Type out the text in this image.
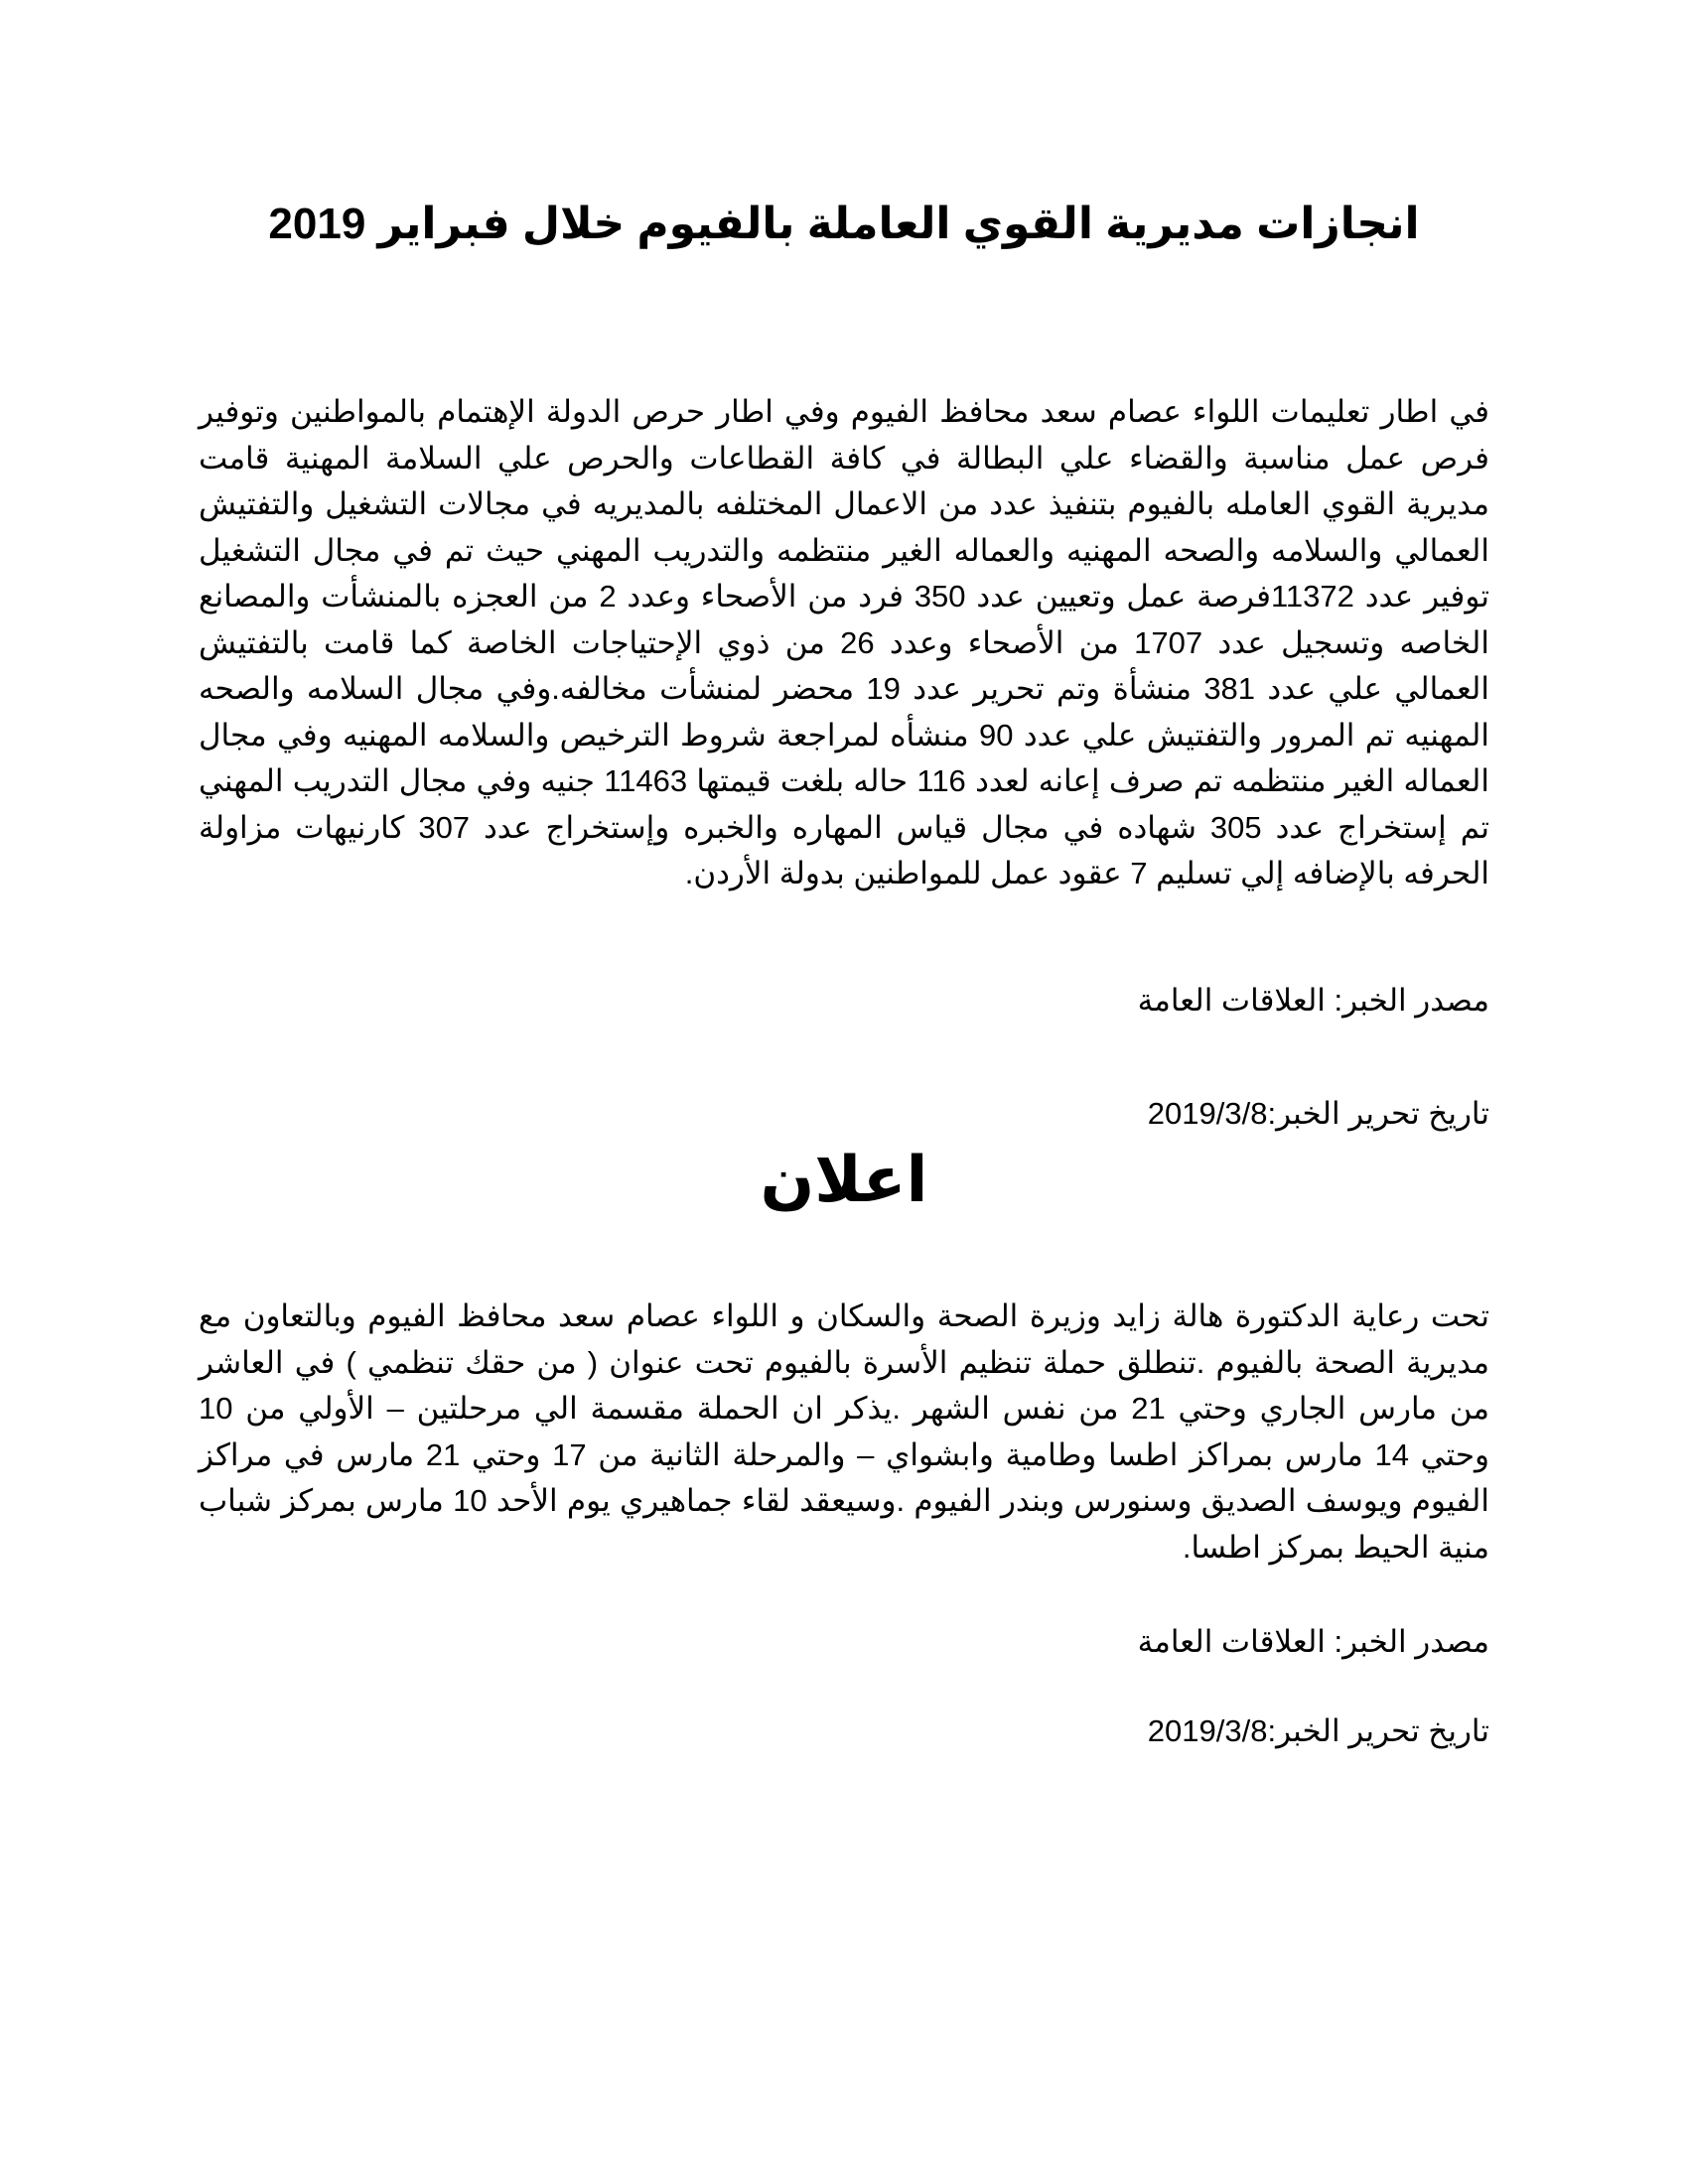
انجازات مديرية القوي العاملة بالفيوم خلال فبراير 2019

في اطار تعليمات اللواء عصام سعد محافظ الفيوم وفي اطار حرص الدولة الإهتمام بالمواطنين وتوفير فرص عمل مناسبة والقضاء علي البطالة في كافة القطاعات والحرص علي السلامة المهنية قامت مديرية القوي العامله بالفيوم بتنفيذ عدد من الاعمال المختلفه بالمديريه في مجالات التشغيل والتفتيش العمالي والسلامه والصحه المهنيه والعماله الغير منتظمه والتدريب المهني حيث تم في مجال التشغيل توفير عدد 11372فرصة عمل وتعيين عدد 350 فرد من الأصحاء وعدد 2 من العجزه بالمنشأت والمصانع الخاصه وتسجيل عدد 1707 من الأصحاء وعدد 26 من ذوي الإحتياجات الخاصة كما قامت بالتفتيش العمالي علي عدد 381 منشأة وتم تحرير عدد 19 محضر لمنشأت مخالفه.وفي مجال السلامه والصحه المهنيه تم المرور والتفتيش علي عدد 90 منشأه لمراجعة شروط الترخيص والسلامه المهنيه وفي مجال العماله الغير منتظمه تم صرف إعانه لعدد 116 حاله بلغت قيمتها 11463 جنيه وفي مجال التدريب المهني تم إستخراج عدد 305 شهاده في مجال قياس المهاره والخبره وإستخراج عدد 307 كارنيهات مزاولة الحرفه بالإضافه إلي تسليم 7 عقود عمل للمواطنين بدولة الأردن.

مصدر الخبر: العلاقات العامة

تاريخ تحرير الخبر:2019/3/8

اعلان

تحت رعاية الدكتورة هالة زايد وزيرة الصحة والسكان و اللواء عصام سعد محافظ الفيوم وبالتعاون مع مديرية الصحة بالفيوم .تنطلق حملة تنظيم الأسرة بالفيوم تحت عنوان ( من حقك تنظمي ) في العاشر من مارس الجاري وحتي 21 من نفس الشهر .يذكر ان الحملة مقسمة الي مرحلتين – الأولي من 10 وحتي 14 مارس بمراكز اطسا وطامية وابشواي – والمرحلة الثانية من 17 وحتي 21 مارس في مراكز الفيوم ويوسف الصديق وسنورس وبندر الفيوم .وسيعقد لقاء جماهيري يوم الأحد 10 مارس بمركز شباب منية الحيط بمركز اطسا.

مصدر الخبر: العلاقات العامة

تاريخ تحرير الخبر:2019/3/8
